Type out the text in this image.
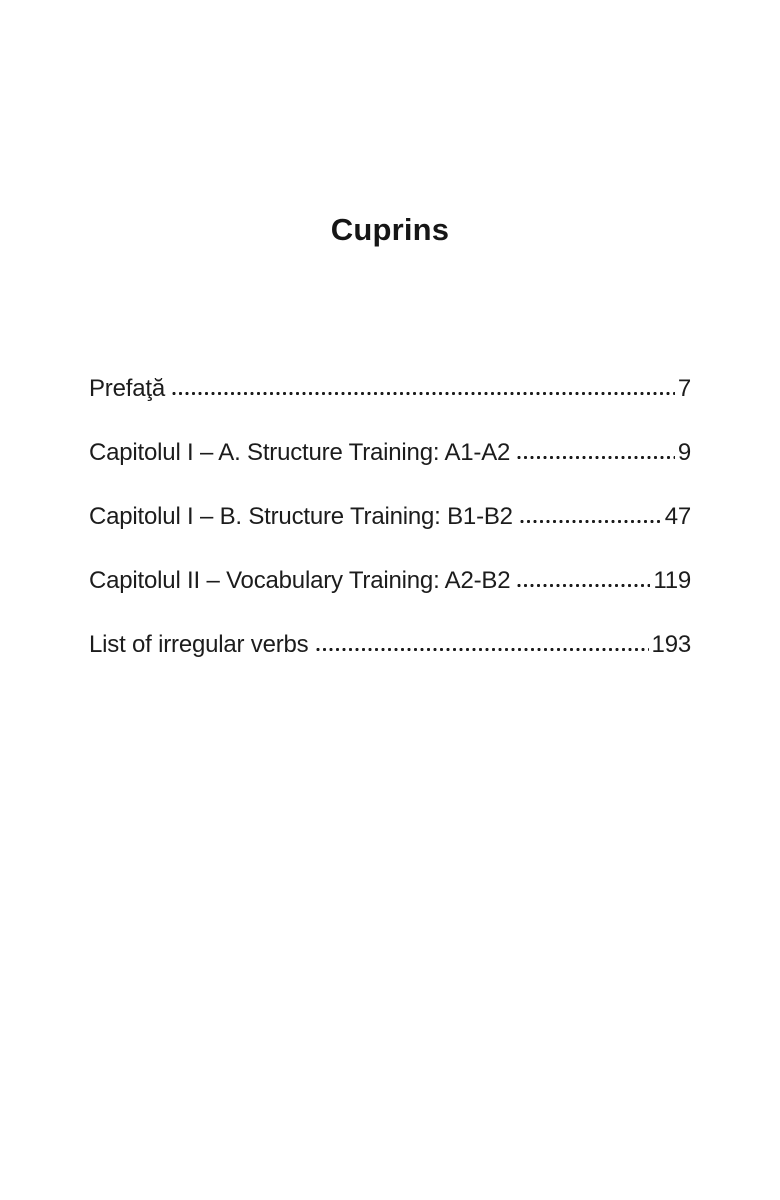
Cuprins
Prefaţă	7
Capitolul I – A. Structure Training: A1-A2	9
Capitolul I – B. Structure Training: B1-B2	47
Capitolul II – Vocabulary Training: A2-B2	119
List of irregular verbs	193
